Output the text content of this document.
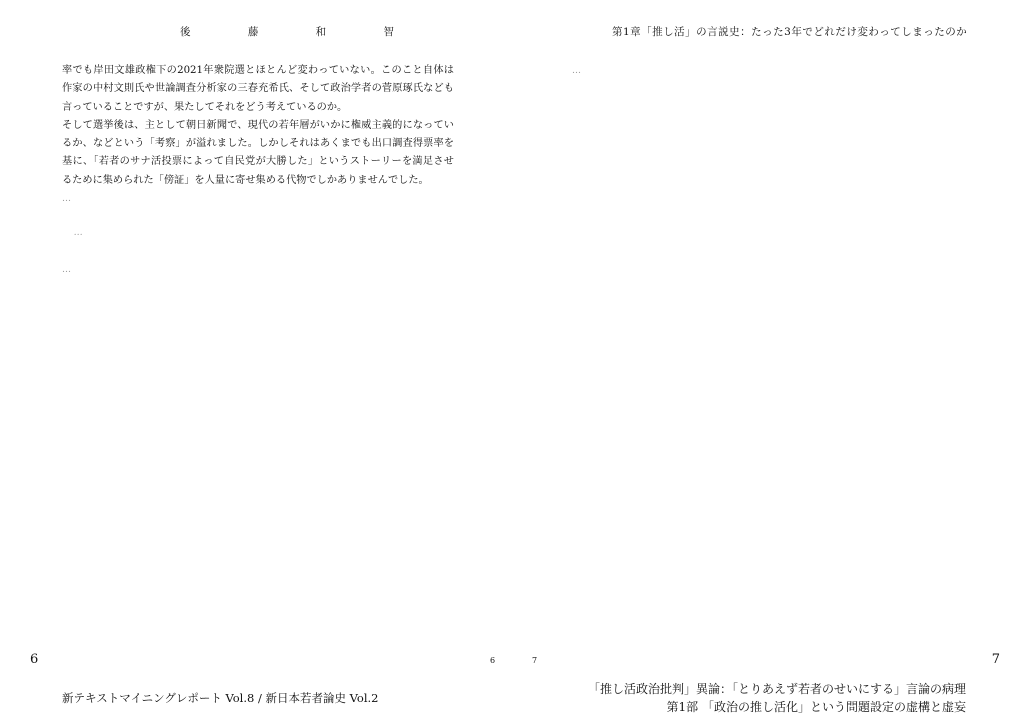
後 藤 和 智

率でも岸田文雄政権下の2021年衆院選とほとんど変わっていない。このこと自体は作家の中村文則氏や世論調査分析家の三春充希氏、そして政治学者の菅原琢氏なども言っていることですが、果たしてそれをどう考えているのか。

そして選挙後は、主として朝日新聞で、現代の若年層がいかに権威主義的になっているか、などという「考察」が溢れました。しかしそれはあくまでも出口調査得票率を基に、「若者のサナ活投票によって自民党が大勝した」というストーリーを満足させるために集められた「傍証」を人量に寄せ集める代物でしかありませんでした。

…

…

…

6	6
新テキストマイニングレポート Vol.8 / 新日本若者論史 Vol.2
第1章「推し活」の言説史：たった3年でどれだけ変わってしまったのか

…

7	7
「推し活政治批判」異論：「とりあえず若者のせいにする」言論の病理
第1部 「政治の推し活化」という問題設定の虚構と虚妄
